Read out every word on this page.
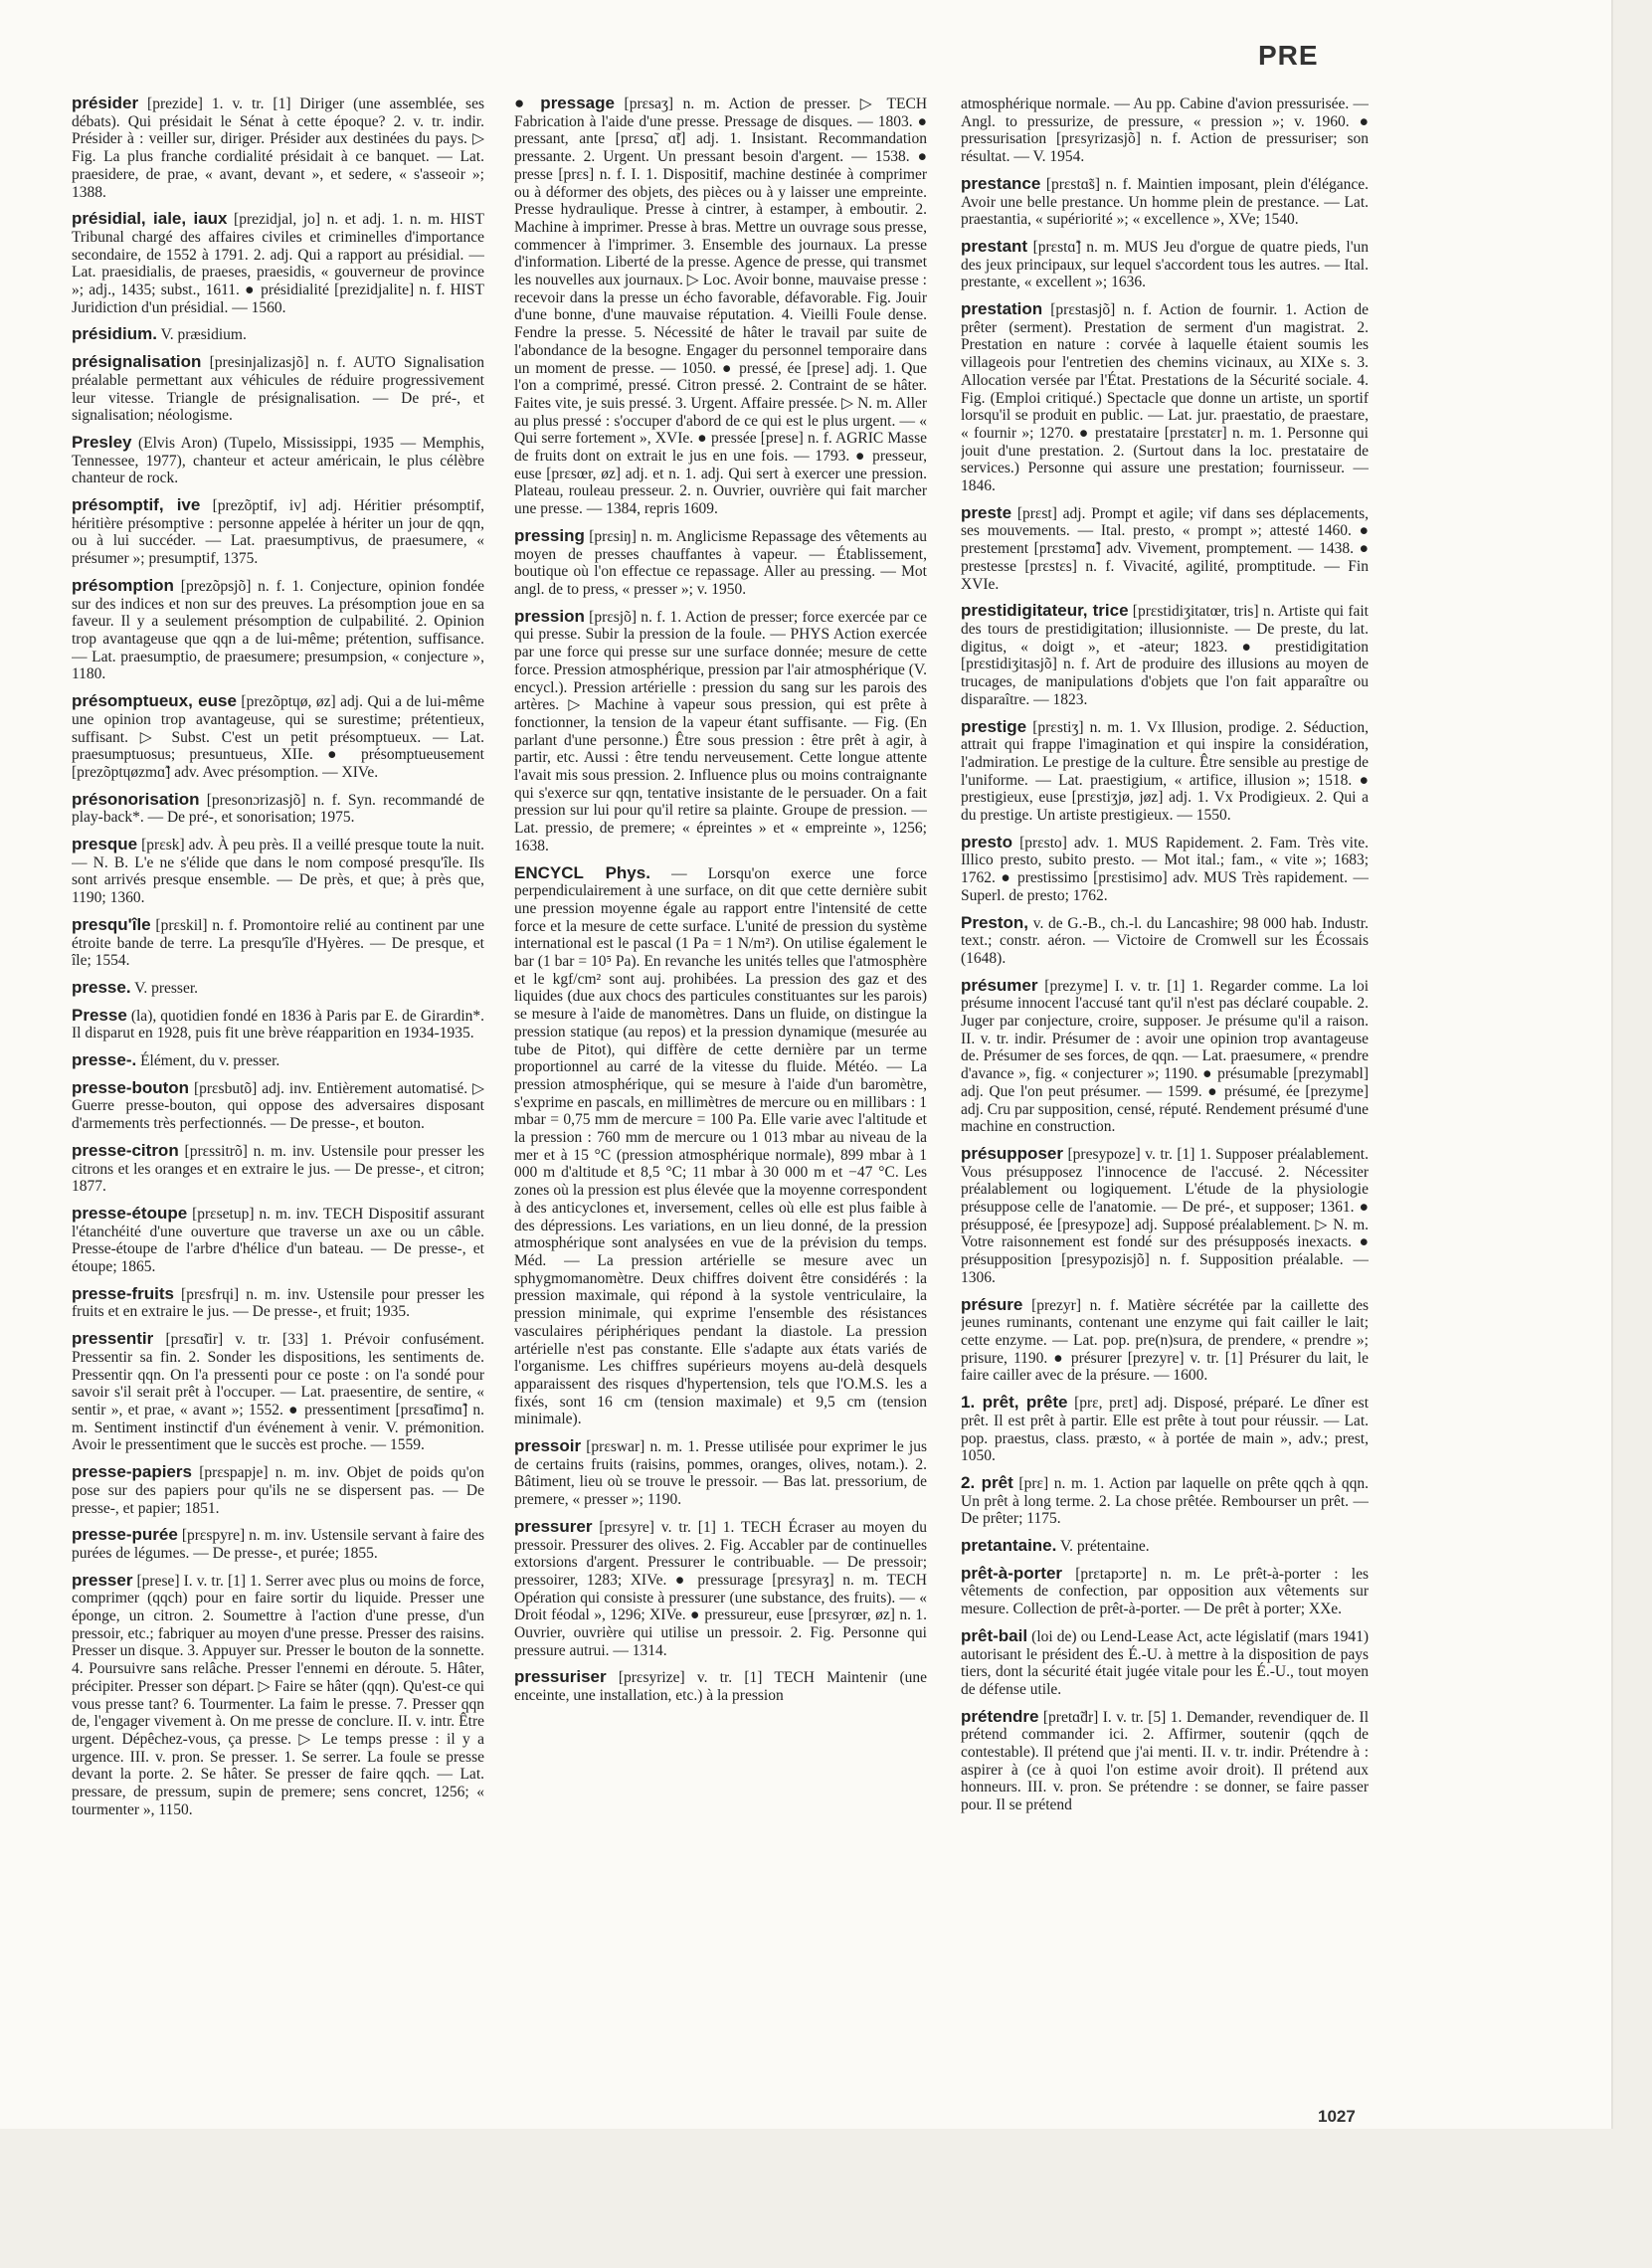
PRE

présider [prezide] 1. v. tr. [1] Diriger (une assemblée, ses débats). Qui présidait le Sénat à cette époque? 2. v. tr. indir. Présider à : veiller sur, diriger. Présider aux destinées du pays. ▷ Fig. La plus franche cordialité présidait à ce banquet. — Lat. praesidere, de prae, « avant, devant », et sedere, « s'asseoir »; 1388.

présidial, iale, iaux [prezidjal, jo] n. et adj. 1. n. m. HIST Tribunal chargé des affaires civiles et criminelles d'importance secondaire, de 1552 à 1791. 2. adj. Qui a rapport au présidial. — Lat. praesidialis, de praeses, praesidis, « gouverneur de province »; adj., 1435; subst., 1611. ● présidialité [prezidjalite] n. f. HIST Juridiction d'un présidial. — 1560.

présidium. V. præsidium.

présignalisation [presinjalizasjõ] n. f. AUTO Signalisation préalable permettant aux véhicules de réduire progressivement leur vitesse. Triangle de présignalisation. — De pré-, et signalisation; néologisme.

Presley (Elvis Aron) (Tupelo, Mississippi, 1935 — Memphis, Tennessee, 1977), chanteur et acteur américain, le plus célèbre chanteur de rock.

présomptif, ive [prezõptif, iv] adj. Héritier présomptif, héritière présomptive : personne appelée à hériter un jour de qqn, ou à lui succéder. — Lat. praesumptivus, de praesumere, « présumer »; presumptif, 1375.

présomption [prezõpsjõ] n. f. 1. Conjecture, opinion fondée sur des indices et non sur des preuves. La présomption joue en sa faveur. Il y a seulement présomption de culpabilité. 2. Opinion trop avantageuse que qqn a de lui-même; prétention, suffisance. — Lat. praesumptio, de praesumere; presumpsion, « conjecture », 1180.

présomptueux, euse [prezõptɥø, øz] adj. Qui a de lui-même une opinion trop avantageuse, qui se surestime; prétentieux, suffisant. ▷ Subst. C'est un petit présomptueux. — Lat. praesumptuosus; presuntueus, XIIe. ● présomptueusement [prezõptɥøzmɑ̃] adv. Avec présomption. — XIVe.

présonorisation [presonɔrizasjõ] n. f. Syn. recommandé de play-back*. — De pré-, et sonorisation; 1975.

presque [prɛsk] adv. À peu près. Il a veillé presque toute la nuit. — N. B. L'e ne s'élide que dans le nom composé presqu'île. Ils sont arrivés presque ensemble. — De près, et que; à près que, 1190; 1360.

presqu'île [prɛskil] n. f. Promontoire relié au continent par une étroite bande de terre. La presqu'île d'Hyères. — De presque, et île; 1554.

presse. V. presser.

Presse (la), quotidien fondé en 1836 à Paris par E. de Girardin*. Il disparut en 1928, puis fit une brève réapparition en 1934-1935.

presse-. Élément, du v. presser.

presse-bouton [prɛsbutõ] adj. inv. Entièrement automatisé. ▷ Guerre presse-bouton, qui oppose des adversaires disposant d'armements très perfectionnés. — De presse-, et bouton.

presse-citron [prɛssitrõ] n. m. inv. Ustensile pour presser les citrons et les oranges et en extraire le jus. — De presse-, et citron; 1877.

presse-étoupe [prɛsetup] n. m. inv. TECH Dispositif assurant l'étanchéité d'une ouverture que traverse un axe ou un câble. Presse-étoupe de l'arbre d'hélice d'un bateau. — De presse-, et étoupe; 1865.

presse-fruits [prɛsfrɥi] n. m. inv. Ustensile pour presser les fruits et en extraire le jus. — De presse-, et fruit; 1935.

pressentir [prɛsɑ̃tir] v. tr. [33] 1. Prévoir confusément. Pressentir sa fin. 2. Sonder les dispositions, les sentiments de. Pressentir qqn. On l'a pressenti pour ce poste : on l'a sondé pour savoir s'il serait prêt à l'occuper. — Lat. praesentire, de sentire, « sentir », et prae, « avant »; 1552. ● pressentiment [prɛsɑ̃timɑ̃] n. m. Sentiment instinctif d'un événement à venir. V. prémonition. Avoir le pressentiment que le succès est proche. — 1559.

presse-papiers [prɛspapje] n. m. inv. Objet de poids qu'on pose sur des papiers pour qu'ils ne se dispersent pas. — De presse-, et papier; 1851.

presse-purée [prɛspyre] n. m. inv. Ustensile servant à faire des purées de légumes. — De presse-, et purée; 1855.

presser [prese] I. v. tr. [1] 1. Serrer avec plus ou moins de force, comprimer (qqch) pour en faire sortir du liquide. Presser une éponge, un citron. 2. Soumettre à l'action d'une presse, d'un pressoir, etc.; fabriquer au moyen d'une presse. Presser des raisins. Presser un disque. 3. Appuyer sur. Presser le bouton de la sonnette. 4. Poursuivre sans relâche. Presser l'ennemi en déroute. 5. Hâter, précipiter. Presser son départ. ▷ Faire se hâter (qqn). Qu'est-ce qui vous presse tant? 6. Tourmenter. La faim le presse. 7. Presser qqn de, l'engager vivement à. On me presse de conclure. II. v. intr. Être urgent. Dépêchez-vous, ça presse. ▷ Le temps presse : il y a urgence. III. v. pron. Se presser. 1. Se serrer. La foule se presse devant la porte. 2. Se hâter. Se presser de faire qqch. — Lat. pressare, de pressum, supin de premere; sens concret, 1256; « tourmenter », 1150.

● pressage [prɛsaʒ] n. m. Action de presser. ▷ TECH Fabrication à l'aide d'une presse. Pressage de disques. — 1803. ● pressant, ante [prɛsɑ̃, ɑ̃t] adj. 1. Insistant. Recommandation pressante. 2. Urgent. Un pressant besoin d'argent. — 1538. ● presse [prɛs] n. f. I. 1. Dispositif, machine destinée à comprimer ou à déformer des objets, des pièces ou à y laisser une empreinte. Presse hydraulique. Presse à cintrer, à estamper, à emboutir. 2. Machine à imprimer. Presse à bras. Mettre un ouvrage sous presse, commencer à l'imprimer. 3. Ensemble des journaux. La presse d'information. Liberté de la presse. Agence de presse, qui transmet les nouvelles aux journaux. ▷ Loc. Avoir bonne, mauvaise presse : recevoir dans la presse un écho favorable, défavorable. Fig. Jouir d'une bonne, d'une mauvaise réputation. 4. Vieilli Foule dense. Fendre la presse. 5. Nécessité de hâter le travail par suite de l'abondance de la besogne. Engager du personnel temporaire dans un moment de presse. — 1050. ● pressé, ée [prese] adj. 1. Que l'on a comprimé, pressé. Citron pressé. 2. Contraint de se hâter. Faites vite, je suis pressé. 3. Urgent. Affaire pressée. ▷ N. m. Aller au plus pressé : s'occuper d'abord de ce qui est le plus urgent. — « Qui serre fortement », XVIe. ● pressée [prese] n. f. AGRIC Masse de fruits dont on extrait le jus en une fois. — 1793. ● presseur, euse [prɛsœr, øz] adj. et n. 1. adj. Qui sert à exercer une pression. Plateau, rouleau presseur. 2. n. Ouvrier, ouvrière qui fait marcher une presse. — 1384, repris 1609.

pressing [prɛsiŋ] n. m. Anglicisme Repassage des vêtements au moyen de presses chauffantes à vapeur. — Établissement, boutique où l'on effectue ce repassage. Aller au pressing. — Mot angl. de to press, « presser »; v. 1950.

pression [prɛsjõ] n. f. 1. Action de presser; force exercée par ce qui presse. Subir la pression de la foule. — PHYS Action exercée par une force qui presse sur une surface donnée; mesure de cette force. Pression atmosphérique, pression par l'air atmosphérique (V. encycl.). Pression artérielle : pression du sang sur les parois des artères. ▷ Machine à vapeur sous pression, qui est prête à fonctionner, la tension de la vapeur étant suffisante. — Fig. (En parlant d'une personne.) Être sous pression : être prêt à agir, à partir, etc. Aussi : être tendu nerveusement. Cette longue attente l'avait mis sous pression. 2. Influence plus ou moins contraignante qui s'exerce sur qqn, tentative insistante de le persuader. On a fait pression sur lui pour qu'il retire sa plainte. Groupe de pression. — Lat. pressio, de premere; « épreintes » et « empreinte », 1256; 1638.

ENCYCL Phys. — Lorsqu'on exerce une force perpendiculairement à une surface, on dit que cette dernière subit une pression moyenne égale au rapport entre l'intensité de cette force et la mesure de cette surface. L'unité de pression du système international est le pascal (1 Pa = 1 N/m²). On utilise également le bar (1 bar = 10⁵ Pa). En revanche les unités telles que l'atmosphère et le kgf/cm² sont auj. prohibées. La pression des gaz et des liquides (due aux chocs des particules constituantes sur les parois) se mesure à l'aide de manomètres. Dans un fluide, on distingue la pression statique (au repos) et la pression dynamique (mesurée au tube de Pitot), qui diffère de cette dernière par un terme proportionnel au carré de la vitesse du fluide. Météo. — La pression atmosphérique, qui se mesure à l'aide d'un baromètre, s'exprime en pascals, en millimètres de mercure ou en millibars : 1 mbar = 0,75 mm de mercure = 100 Pa. Elle varie avec l'altitude et la pression : 760 mm de mercure ou 1 013 mbar au niveau de la mer et à 15 °C (pression atmosphérique normale), 899 mbar à 1 000 m d'altitude et 8,5 °C; 11 mbar à 30 000 m et −47 °C. Les zones où la pression est plus élevée que la moyenne correspondent à des anticyclones et, inversement, celles où elle est plus faible à des dépressions. Les variations, en un lieu donné, de la pression atmosphérique sont analysées en vue de la prévision du temps. Méd. — La pression artérielle se mesure avec un sphygmomanomètre. Deux chiffres doivent être considérés : la pression maximale, qui répond à la systole ventriculaire, la pression minimale, qui exprime l'ensemble des résistances vasculaires périphériques pendant la diastole. La pression artérielle n'est pas constante. Elle s'adapte aux états variés de l'organisme. Les chiffres supérieurs moyens au-delà desquels apparaissent des risques d'hypertension, tels que l'O.M.S. les a fixés, sont 16 cm (tension maximale) et 9,5 cm (tension minimale).

pressoir [prɛswar] n. m. 1. Presse utilisée pour exprimer le jus de certains fruits (raisins, pommes, oranges, olives, notam.). 2. Bâtiment, lieu où se trouve le pressoir. — Bas lat. pressorium, de premere, « presser »; 1190.

pressurer [prɛsyre] v. tr. [1] 1. TECH Écraser au moyen du pressoir. Pressurer des olives. 2. Fig. Accabler par de continuelles extorsions d'argent. Pressurer le contribuable. — De pressoir; pressoirer, 1283; XIVe. ● pressurage [prɛsyraʒ] n. m. TECH Opération qui consiste à pressurer (une substance, des fruits). — « Droit féodal », 1296; XIVe. ● pressureur, euse [prɛsyrœr, øz] n. 1. Ouvrier, ouvrière qui utilise un pressoir. 2. Fig. Personne qui pressure autrui. — 1314.

pressuriser [prɛsyrize] v. tr. [1] TECH Maintenir (une enceinte, une installation, etc.) à la pression

atmosphérique normale. — Au pp. Cabine d'avion pressurisée. — Angl. to pressurize, de pressure, « pression »; v. 1960. ● pressurisation [prɛsyrizasjõ] n. f. Action de pressuriser; son résultat. — V. 1954.

prestance [prɛstɑ̃s] n. f. Maintien imposant, plein d'élégance. Avoir une belle prestance. Un homme plein de prestance. — Lat. praestantia, « supériorité »; « excellence », XVe; 1540.

prestant [prɛstɑ̃] n. m. MUS Jeu d'orgue de quatre pieds, l'un des jeux principaux, sur lequel s'accordent tous les autres. — Ital. prestante, « excellent »; 1636.

prestation [prɛstasjõ] n. f. Action de fournir. 1. Action de prêter (serment). Prestation de serment d'un magistrat. 2. Prestation en nature : corvée à laquelle étaient soumis les villageois pour l'entretien des chemins vicinaux, au XIXe s. 3. Allocation versée par l'État. Prestations de la Sécurité sociale. 4. Fig. (Emploi critiqué.) Spectacle que donne un artiste, un sportif lorsqu'il se produit en public. — Lat. jur. praestatio, de praestare, « fournir »; 1270. ● prestataire [prɛstatɛr] n. m. 1. Personne qui jouit d'une prestation. 2. (Surtout dans la loc. prestataire de services.) Personne qui assure une prestation; fournisseur. — 1846.

preste [prɛst] adj. Prompt et agile; vif dans ses déplacements, ses mouvements. — Ital. presto, « prompt »; attesté 1460. ● prestement [prɛstəmɑ̃] adv. Vivement, promptement. — 1438. ● prestesse [prɛstɛs] n. f. Vivacité, agilité, promptitude. — Fin XVIe.

prestidigitateur, trice [prɛstidiʒitatœr, tris] n. Artiste qui fait des tours de prestidigitation; illusionniste. — De preste, du lat. digitus, « doigt », et -ateur; 1823. ● prestidigitation [prɛstidiʒitasjõ] n. f. Art de produire des illusions au moyen de trucages, de manipulations d'objets que l'on fait apparaître ou disparaître. — 1823.

prestige [prɛstiʒ] n. m. 1. Vx Illusion, prodige. 2. Séduction, attrait qui frappe l'imagination et qui inspire la considération, l'admiration. Le prestige de la culture. Être sensible au prestige de l'uniforme. — Lat. praestigium, « artifice, illusion »; 1518. ● prestigieux, euse [prɛstiʒjø, jøz] adj. 1. Vx Prodigieux. 2. Qui a du prestige. Un artiste prestigieux. — 1550.

presto [prɛsto] adv. 1. MUS Rapidement. 2. Fam. Très vite. Illico presto, subito presto. — Mot ital.; fam., « vite »; 1683; 1762. ● prestissimo [prɛstisimo] adv. MUS Très rapidement. — Superl. de presto; 1762.

Preston, v. de G.-B., ch.-l. du Lancashire; 98 000 hab. Industr. text.; constr. aéron. — Victoire de Cromwell sur les Écossais (1648).

présumer [prezyme] I. v. tr. [1] 1. Regarder comme. La loi présume innocent l'accusé tant qu'il n'est pas déclaré coupable. 2. Juger par conjecture, croire, supposer. Je présume qu'il a raison. II. v. tr. indir. Présumer de : avoir une opinion trop avantageuse de. Présumer de ses forces, de qqn. — Lat. praesumere, « prendre d'avance », fig. « conjecturer »; 1190. ● présumable [prezymabl] adj. Que l'on peut présumer. — 1599. ● présumé, ée [prezyme] adj. Cru par supposition, censé, réputé. Rendement présumé d'une machine en construction.

présupposer [presypoze] v. tr. [1] 1. Supposer préalablement. Vous présupposez l'innocence de l'accusé. 2. Nécessiter préalablement ou logiquement. L'étude de la physiologie présuppose celle de l'anatomie. — De pré-, et supposer; 1361. ● présupposé, ée [presypoze] adj. Supposé préalablement. ▷ N. m. Votre raisonnement est fondé sur des présupposés inexacts. ● présupposition [presypozisjõ] n. f. Supposition préalable. — 1306.

présure [prezyr] n. f. Matière sécrétée par la caillette des jeunes ruminants, contenant une enzyme qui fait cailler le lait; cette enzyme. — Lat. pop. pre(n)sura, de prendere, « prendre »; prisure, 1190. ● présurer [prezyre] v. tr. [1] Présurer du lait, le faire cailler avec de la présure. — 1600.

1. prêt, prête [prɛ, prɛt] adj. Disposé, préparé. Le dîner est prêt. Il est prêt à partir. Elle est prête à tout pour réussir. — Lat. pop. praestus, class. præsto, « à portée de main », adv.; prest, 1050.

2. prêt [prɛ] n. m. 1. Action par laquelle on prête qqch à qqn. Un prêt à long terme. 2. La chose prêtée. Rembourser un prêt. — De prêter; 1175.

pretantaine. V. prétentaine.

prêt-à-porter [prɛtapɔrte] n. m. Le prêt-à-porter : les vêtements de confection, par opposition aux vêtements sur mesure. Collection de prêt-à-porter. — De prêt à porter; XXe.

prêt-bail (loi de) ou Lend-Lease Act, acte législatif (mars 1941) autorisant le président des É.-U. à mettre à la disposition de pays tiers, dont la sécurité était jugée vitale pour les É.-U., tout moyen de défense utile.

prétendre [pretɑ̃dr] I. v. tr. [5] 1. Demander, revendiquer de. Il prétend commander ici. 2. Affirmer, soutenir (qqch de contestable). Il prétend que j'ai menti. II. v. tr. indir. Prétendre à : aspirer à (ce à quoi l'on estime avoir droit). Il prétend aux honneurs. III. v. pron. Se prétendre : se donner, se faire passer pour. Il se prétend

1027
